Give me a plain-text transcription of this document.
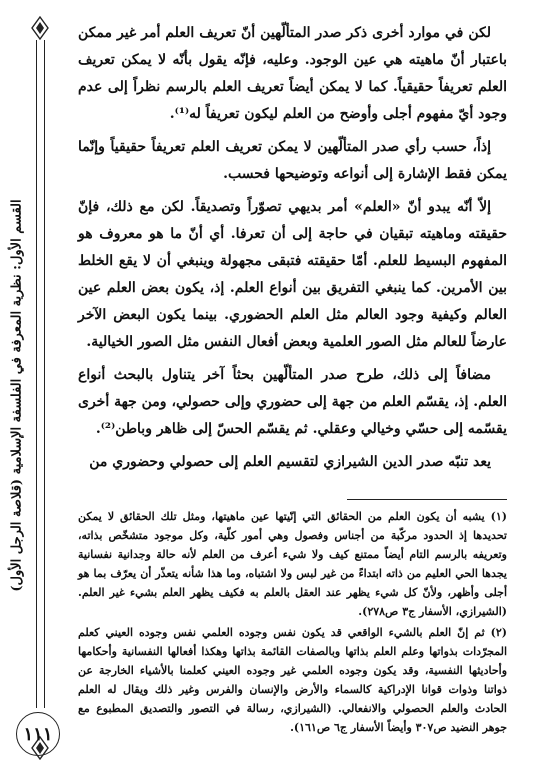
القسم الأول: نظرية المعرفة في الفلسفة الإسلامية (قلاصة الرجل الأول)
١١١

لكن في موارد أخرى ذكر صدر المتألّهين أنّ تعريف العلم أمر غير ممكن باعتبار أنّ ماهيته هي عين الوجود. وعليه، فإنّه يقول بأنّه لا يمكن تعريف العلم تعريفاً حقيقياً. كما لا يمكن أيضاً تعريف العلم بالرسم نظراً إلى عدم وجود أيّ مفهوم أجلى وأوضح من العلم ليكون تعريفاً له⁽¹⁾.

إذاً، حسب رأي صدر المتألّهين لا يمكن تعريف العلم تعريفاً حقيقياً وإنّما يمكن فقط الإشارة إلى أنواعه وتوضيحها فحسب.

إلاّ أنّه يبدو أنّ «العلم» أمر بديهي تصوّراً وتصديقاً. لكن مع ذلك، فإنّ حقيقته وماهيته تبقيان في حاجة إلى أن تعرفا. أي أنّ ما هو معروف هو المفهوم البسيط للعلم. أمّا حقيقته فتبقى مجهولة وينبغي أن لا يقع الخلط بين الأمرين. كما ينبغي التفريق بين أنواع العلم. إذ، يكون بعض العلم عين العالم وكيفية وجود العالم مثل العلم الحضوري. بينما يكون البعض الآخر عارضاً للعالم مثل الصور العلمية وبعض أفعال النفس مثل الصور الخيالية.

مضافاً إلى ذلك، طرح صدر المتألّهين بحثاً آخر يتناول بالبحث أنواع العلم. إذ، يقسّم العلم من جهة إلى حضوري وإلى حصولي، ومن جهة أخرى يقسّمه إلى حسّي وخيالي وعقلي. ثم يقسّم الحسّ إلى ظاهر وباطن⁽²⁾.

يعد تنبّه صدر الدين الشيرازي لتقسيم العلم إلى حصولي وحضوري من

(١) يشبه أن يكون العلم من الحقائق التي إنّيتها عين ماهيتها، ومثل تلك الحقائق لا يمكن تحديدها إذ الحدود مركّبة من أجناس وفصول وهي أمور كلّية، وكل موجود متشخّص بذاته، وتعريفه بالرسم التام أيضاً ممتنع كيف ولا شيء أعرف من العلم لأنه حالة وجدانية نفسانية يجدها الحي العليم من ذاته ابتداءً من غير لبس ولا اشتباه، وما هذا شأنه يتعذّر أن يعرّف بما هو أجلى وأظهر، ولأنّ كل شيء يظهر عند العقل بالعلم به فكيف يظهر العلم بشيء غير العلم. (الشيرازي، الأسفار ج٣ ص٢٧٨).

(٢) ثم إنّ العلم بالشيء الواقعي قد يكون نفس وجوده العلمي نفس وجوده العيني كعلم المجرّدات بذواتها وعلم العلم بذاتها وبالصفات القائمة بذاتها وهكذا أفعالها النفسانية وأحكامها وأحاديثها النفسية، وقد يكون وجوده العلمي غير وجوده العيني كعلمنا بالأشياء الخارجة عن ذواتنا وذوات قوانا الإدراكية كالسماء والأرض والإنسان والفرس وغير ذلك ويقال له العلم الحادث والعلم الحصولي والانفعالي. (الشيرازي، رسالة في التصور والتصديق المطبوع مع جوهر النضيد ص٣٠٧ وأيضاً الأسفار ج٦ ص١٦١).
